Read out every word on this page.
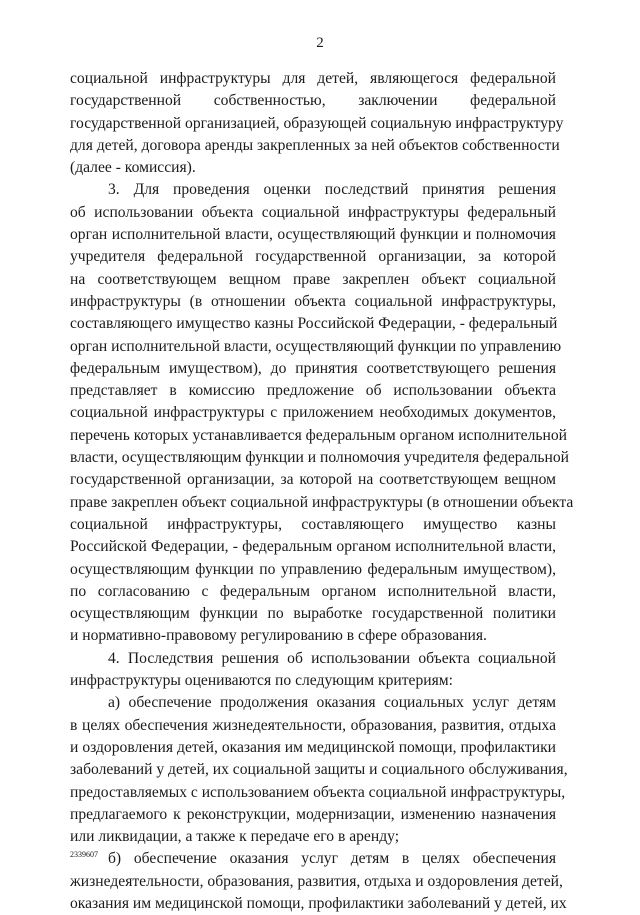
2
социальной инфраструктуры для детей, являющегося федеральной
государственной собственностью, заключении федеральной
государственной организацией, образующей социальную инфраструктуру
для детей, договора аренды закрепленных за ней объектов собственности
(далее - комиссия).
3. Для проведения оценки последствий принятия решения
об использовании объекта социальной инфраструктуры федеральный
орган исполнительной власти, осуществляющий функции и полномочия
учредителя федеральной государственной организации, за которой
на соответствующем вещном праве закреплен объект социальной
инфраструктуры (в отношении объекта социальной инфраструктуры,
составляющего имущество казны Российской Федерации, - федеральный
орган исполнительной власти, осуществляющий функции по управлению
федеральным имуществом), до принятия соответствующего решения
представляет в комиссию предложение об использовании объекта
социальной инфраструктуры с приложением необходимых документов,
перечень которых устанавливается федеральным органом исполнительной
власти, осуществляющим функции и полномочия учредителя федеральной
государственной организации, за которой на соответствующем вещном
праве закреплен объект социальной инфраструктуры (в отношении объекта
социальной инфраструктуры, составляющего имущество казны
Российской Федерации, - федеральным органом исполнительной власти,
осуществляющим функции по управлению федеральным имуществом),
по согласованию с федеральным органом исполнительной власти,
осуществляющим функции по выработке государственной политики
и нормативно-правовому регулированию в сфере образования.
4. Последствия решения об использовании объекта социальной
инфраструктуры оцениваются по следующим критериям:
а) обеспечение продолжения оказания социальных услуг детям
в целях обеспечения жизнедеятельности, образования, развития, отдыха
и оздоровления детей, оказания им медицинской помощи, профилактики
заболеваний у детей, их социальной защиты и социального обслуживания,
предоставляемых с использованием объекта социальной инфраструктуры,
предлагаемого к реконструкции, модернизации, изменению назначения
или ликвидации, а также к передаче его в аренду;
б) обеспечение оказания услуг детям в целях обеспечения
жизнедеятельности, образования, развития, отдыха и оздоровления детей,
оказания им медицинской помощи, профилактики заболеваний у детей, их
2339607
